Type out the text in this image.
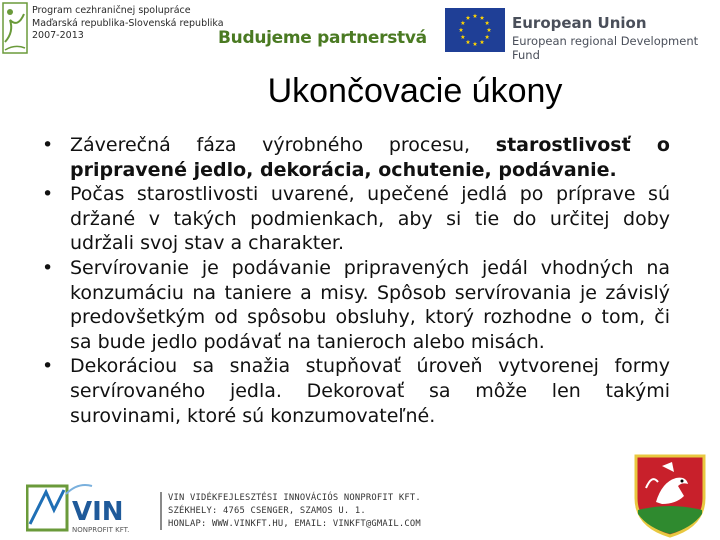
Program cezhraničnej spolupráce
Maďarská republika-Slovenská republika
2007-2013	Budujeme partnerstvá
European Union
European regional Development Fund
Ukončovacie úkony
• Záverečná fáza výrobného procesu, starostlivosť o pripravené jedlo, dekorácia, ochutenie, podávanie.
• Počas starostlivosti uvarené, upečené jedlá po príprave sú držané v takých podmienkach, aby si tie do určitej doby udržali svoj stav a charakter.
• Servírovanie je podávanie pripravených jedál vhodných na konzumáciu na taniere a misy. Spôsob servírovania je závislý predovšetkým od spôsobu obsluhy, ktorý rozhodne o tom, či sa bude jedlo podávať na tanieroch alebo misách.
• Dekoráciou sa snažia stupňovať úroveň vytvorenej formy servírovaného jedla. Dekorovať sa môže len takými surovinami, ktoré sú konzumovateľné.
VIN
NONPROFIT KFT.
VIN VIDÉKFEJLESZTÉSI INNOVÁCIÓS NONPROFIT KFT.
SZÉKHELY: 4765 CSENGER, SZAMOS U. 1.
HONLAP: WWW.VINKFT.HU, EMAIL: VINKFT@GMAIL.COM
